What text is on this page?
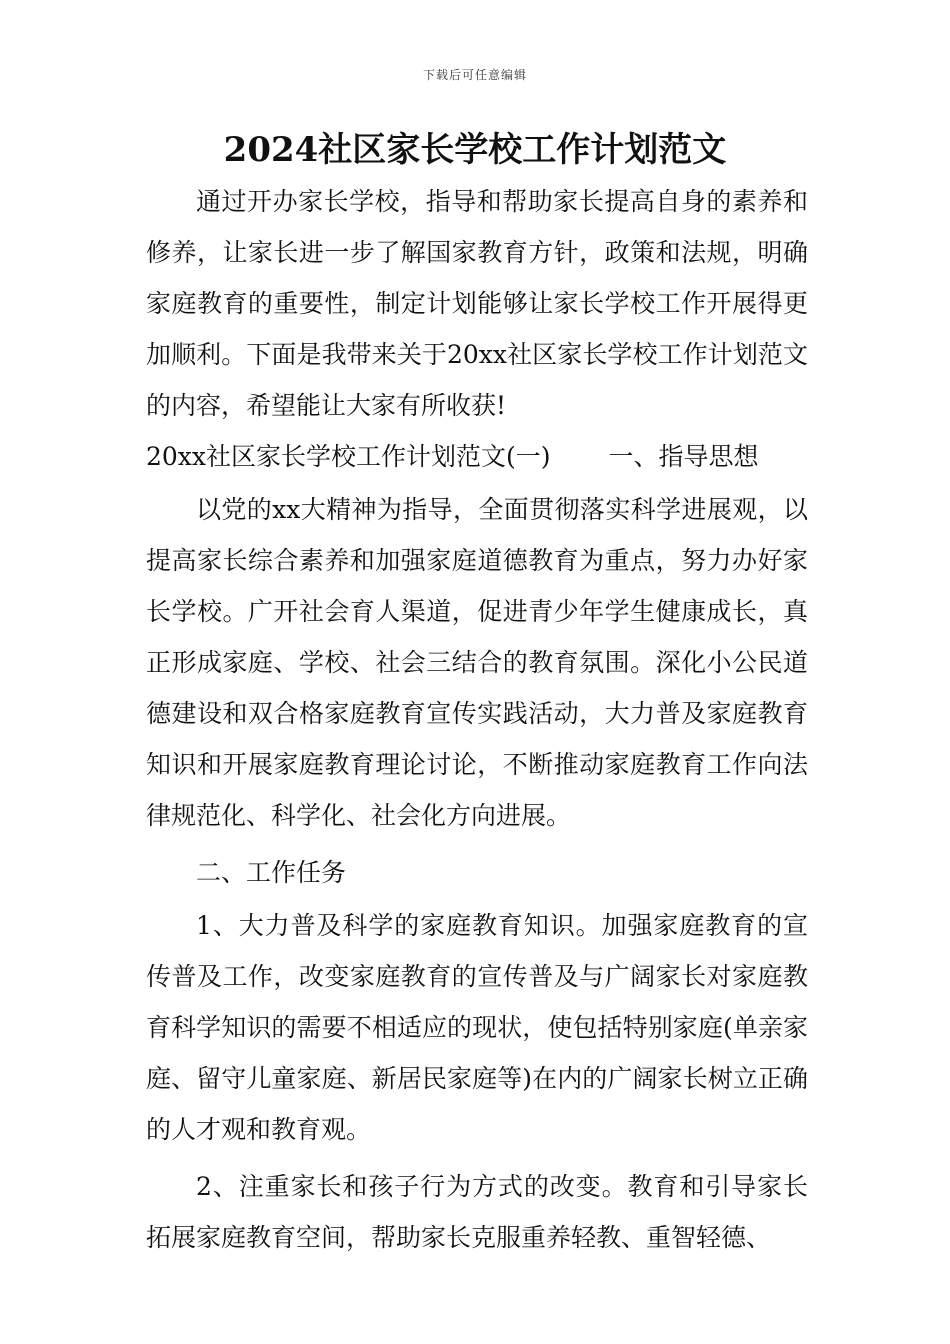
下载后可任意编辑
2024社区家长学校工作计划范文

通过开办家长学校，指导和帮助家长提高自身的素养和修养，让家长进一步了解国家教育方针，政策和法规，明确家庭教育的重要性，制定计划能够让家长学校工作开展得更加顺利。下面是我带来关于20xx社区家长学校工作计划范文的内容，希望能让大家有所收获!

20xx社区家长学校工作计划范文(一) 一、指导思想

以党的xx大精神为指导，全面贯彻落实科学进展观，以提高家长综合素养和加强家庭道德教育为重点，努力办好家长学校。广开社会育人渠道，促进青少年学生健康成长，真正形成家庭、学校、社会三结合的教育氛围。深化小公民道德建设和双合格家庭教育宣传实践活动，大力普及家庭教育知识和开展家庭教育理论讨论，不断推动家庭教育工作向法律规范化、科学化、社会化方向进展。

二、工作任务

1、大力普及科学的家庭教育知识。加强家庭教育的宣传普及工作，改变家庭教育的宣传普及与广阔家长对家庭教育科学知识的需要不相适应的现状，使包括特别家庭(单亲家庭、留守儿童家庭、新居民家庭等)在内的广阔家长树立正确的人才观和教育观。

2、注重家长和孩子行为方式的改变。教育和引导家长拓展家庭教育空间，帮助家长克服重养轻教、重智轻德、
